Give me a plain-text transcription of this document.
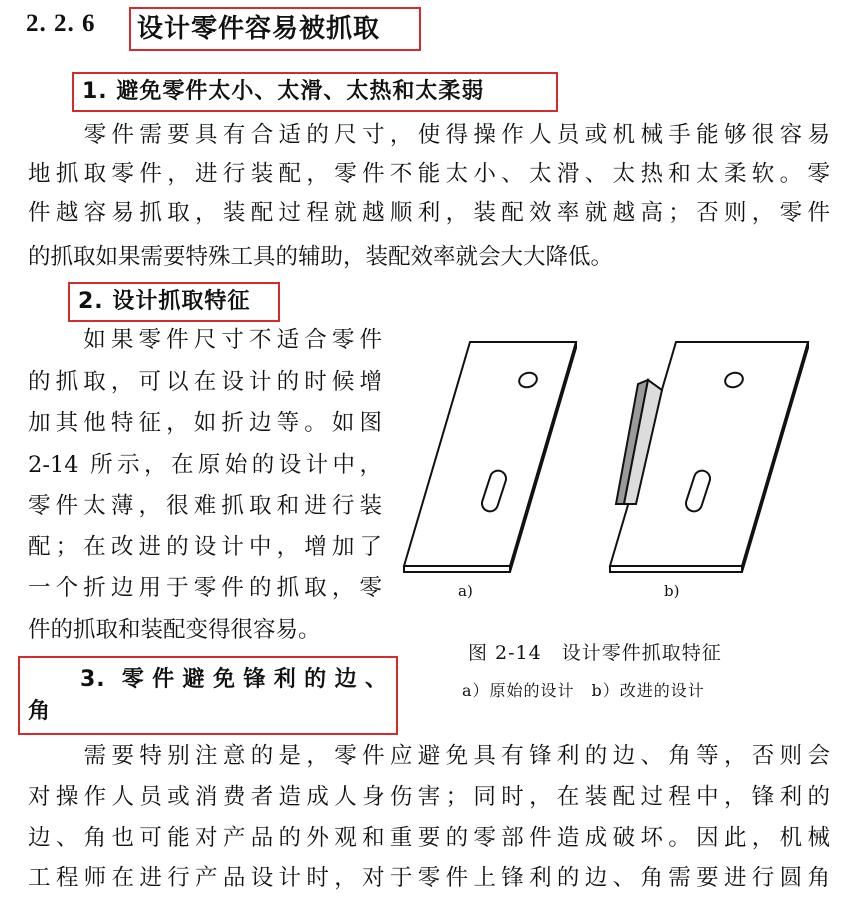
2. 2. 6	设计零件容易被抓取
1. 避免零件太小、太滑、太热和太柔弱
　　零件需要具有合适的尺寸，使得操作人员或机械手能够很容易
地抓取零件，进行装配，零件不能太小、太滑、太热和太柔软。零
件越容易抓取，装配过程就越顺利，装配效率就越高；否则，零件
的抓取如果需要特殊工具的辅助，装配效率就会大大降低。
2. 设计抓取特征
　　如果零件尺寸不适合零件
的抓取，可以在设计的时候增
加其他特征，如折边等。如图
2-14 所示，在原始的设计中，
零件太薄，很难抓取和进行装
配；在改进的设计中，增加了
一个折边用于零件的抓取，零
件的抓取和装配变得很容易。
a)	b)
图 2-14　设计零件抓取特征
a）原始的设计　b）改进的设计
3. 零件避免锋利的边、
角
　　需要特别注意的是，零件应避免具有锋利的边、角等，否则会
对操作人员或消费者造成人身伤害；同时，在装配过程中，锋利的
边、角也可能对产品的外观和重要的零部件造成破坏。因此，机械
工程师在进行产品设计时，对于零件上锋利的边、角需要进行圆角
